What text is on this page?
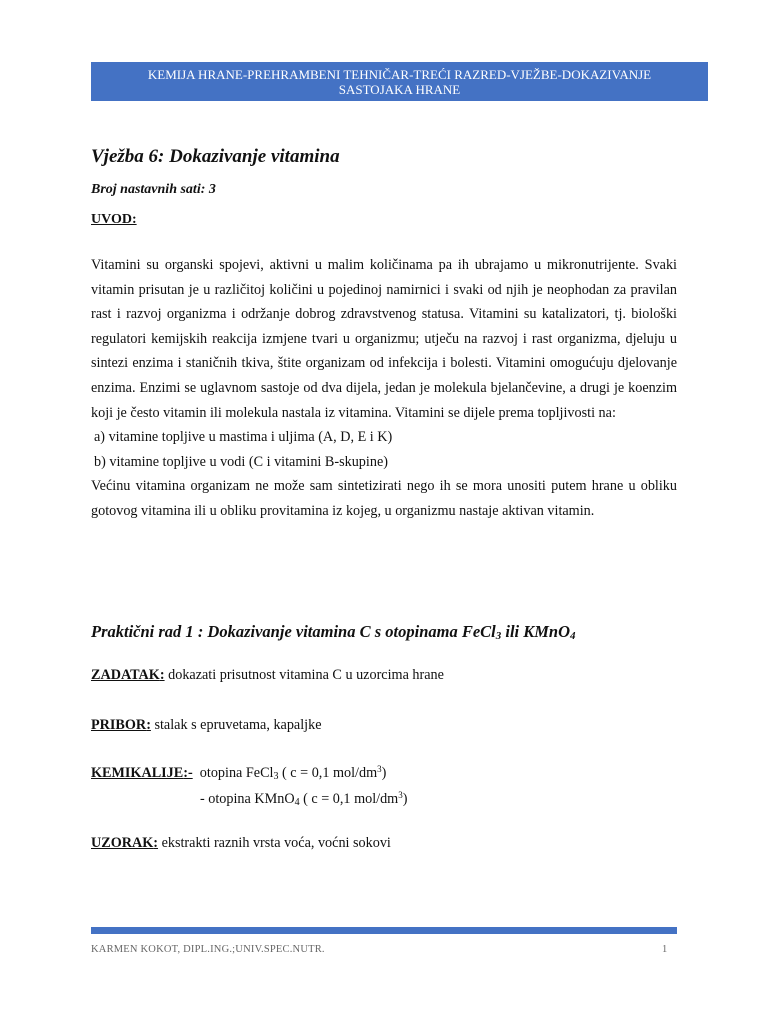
KEMIJA HRANE-PREHRAMBENI TEHNIČAR-TREĆI RAZRED-VJEŽBE-DOKAZIVANJE
SASTOJAKA HRANE
Vježba 6: Dokazivanje vitamina
Broj nastavnih sati: 3
UVOD:

Vitamini su organski spojevi, aktivni u malim količinama pa ih ubrajamo u mikronutrijente. Svaki vitamin prisutan je u različitoj količini u pojedinoj namirnici i svaki od njih je neophodan za pravilan rast i razvoj organizma i održanje dobrog zdravstvenog statusa. Vitamini su katalizatori, tj. biološki regulatori kemijskih reakcija izmjene tvari u organizmu; utječu na razvoj i rast organizma, djeluju u sintezi enzima i staničnih tkiva, štite organizam od infekcija i bolesti. Vitamini omogućuju djelovanje enzima. Enzimi se uglavnom sastoje od dva dijela, jedan je molekula bjelančevine, a drugi je koenzim koji je često vitamin ili molekula nastala iz vitamina. Vitamini se dijele prema topljivosti na:

a) vitamine topljive u mastima i uljima (A, D, E i K)

b) vitamine topljive u vodi (C i vitamini B-skupine)

Većinu vitamina organizam ne može sam sintetizirati nego ih se mora unositi putem hrane u obliku gotovog vitamina ili u obliku provitamina iz kojeg, u organizmu nastaje aktivan vitamin.

Praktični rad 1 : Dokazivanje vitamina C s otopinama FeCl$_3$ ili KMnO$_4$
ZADATAK: dokazati prisutnost vitamina C u uzorcima hrane
PRIBOR: stalak s epruvetama, kapaljke
KEMIKALIJE:-  otopina FeCl$_3$ ( c = 0,1 mol/$dm^3$)
- otopina KMnO$_4$ ( c = 0,1 mol/$dm^3$)
UZORAK: ekstrakti raznih vrsta voća, voćni sokovi
KARMEN KOKOT, DIPL.ING.;UNIV.SPEC.NUTR.	1
